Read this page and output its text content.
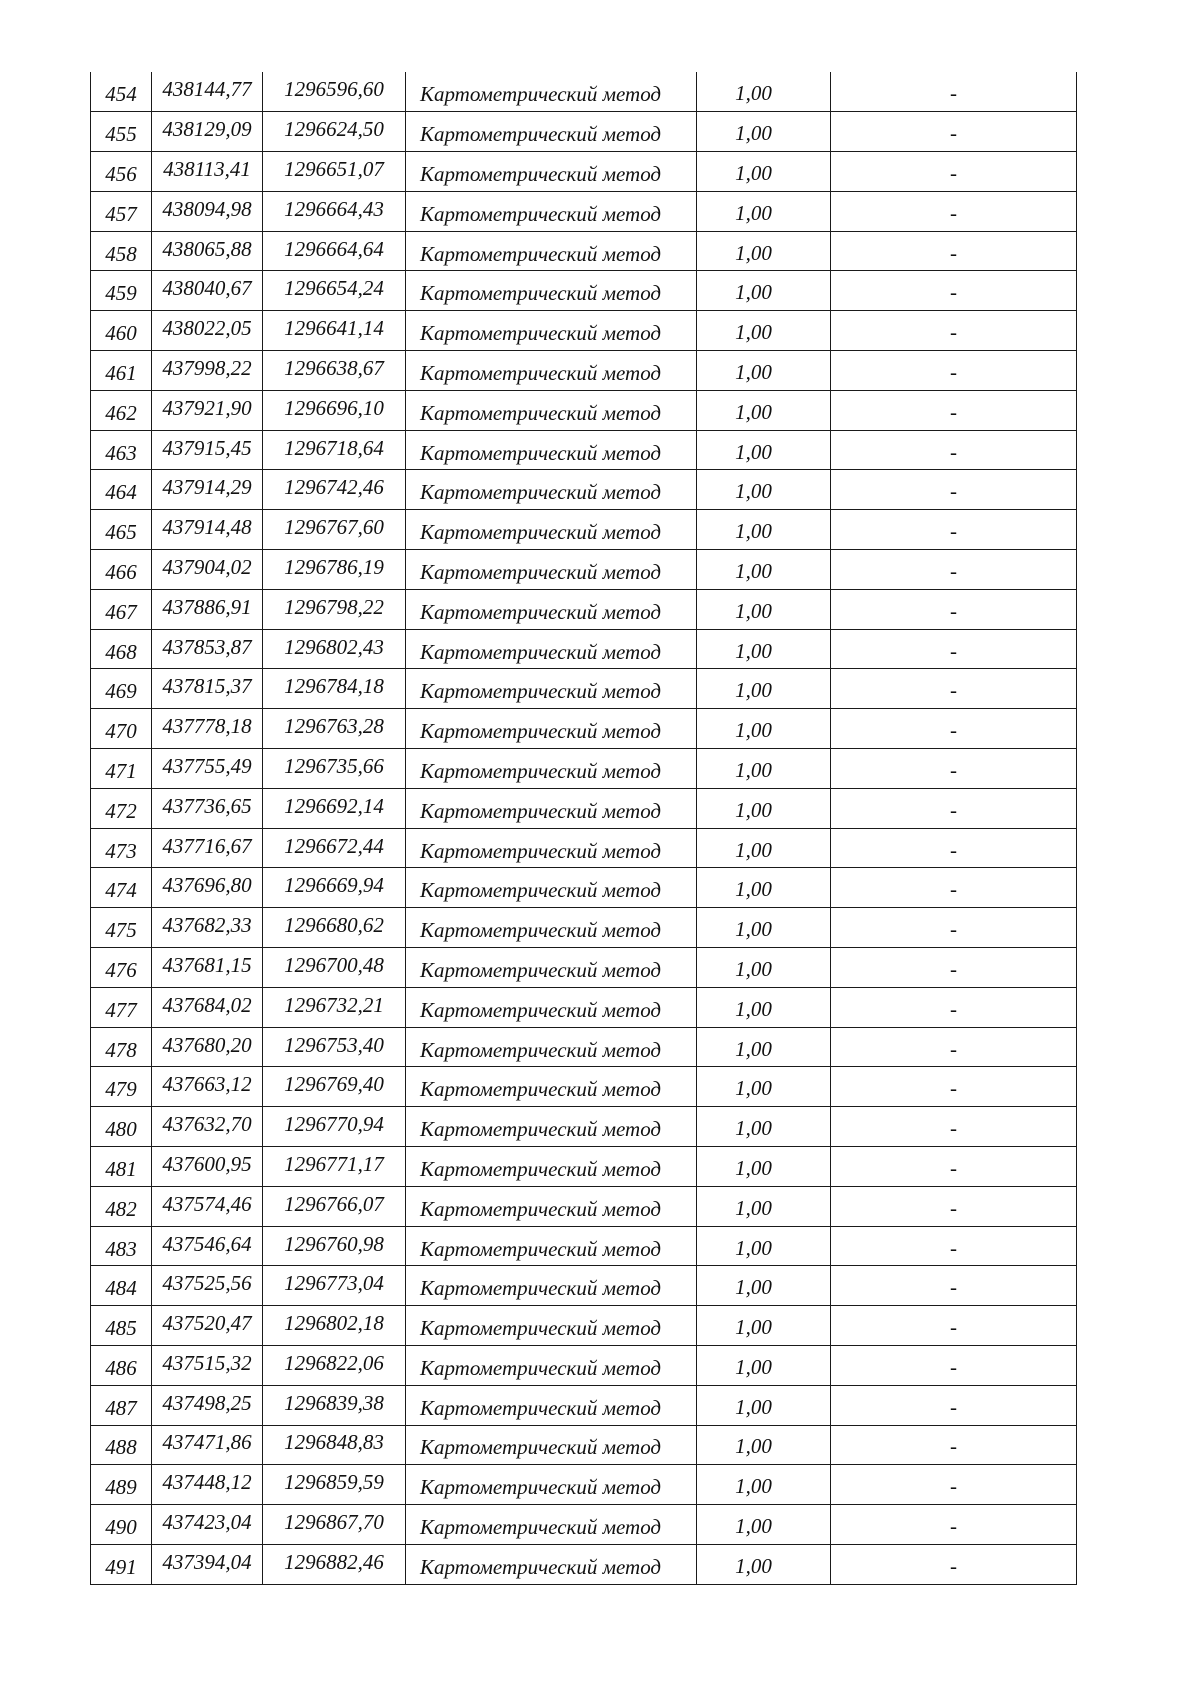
454	438144,77	1296596,60	Картометрический метод	1,00	-
455	438129,09	1296624,50	Картометрический метод	1,00	-
456	438113,41	1296651,07	Картометрический метод	1,00	-
457	438094,98	1296664,43	Картометрический метод	1,00	-
458	438065,88	1296664,64	Картометрический метод	1,00	-
459	438040,67	1296654,24	Картометрический метод	1,00	-
460	438022,05	1296641,14	Картометрический метод	1,00	-
461	437998,22	1296638,67	Картометрический метод	1,00	-
462	437921,90	1296696,10	Картометрический метод	1,00	-
463	437915,45	1296718,64	Картометрический метод	1,00	-
464	437914,29	1296742,46	Картометрический метод	1,00	-
465	437914,48	1296767,60	Картометрический метод	1,00	-
466	437904,02	1296786,19	Картометрический метод	1,00	-
467	437886,91	1296798,22	Картометрический метод	1,00	-
468	437853,87	1296802,43	Картометрический метод	1,00	-
469	437815,37	1296784,18	Картометрический метод	1,00	-
470	437778,18	1296763,28	Картометрический метод	1,00	-
471	437755,49	1296735,66	Картометрический метод	1,00	-
472	437736,65	1296692,14	Картометрический метод	1,00	-
473	437716,67	1296672,44	Картометрический метод	1,00	-
474	437696,80	1296669,94	Картометрический метод	1,00	-
475	437682,33	1296680,62	Картометрический метод	1,00	-
476	437681,15	1296700,48	Картометрический метод	1,00	-
477	437684,02	1296732,21	Картометрический метод	1,00	-
478	437680,20	1296753,40	Картометрический метод	1,00	-
479	437663,12	1296769,40	Картометрический метод	1,00	-
480	437632,70	1296770,94	Картометрический метод	1,00	-
481	437600,95	1296771,17	Картометрический метод	1,00	-
482	437574,46	1296766,07	Картометрический метод	1,00	-
483	437546,64	1296760,98	Картометрический метод	1,00	-
484	437525,56	1296773,04	Картометрический метод	1,00	-
485	437520,47	1296802,18	Картометрический метод	1,00	-
486	437515,32	1296822,06	Картометрический метод	1,00	-
487	437498,25	1296839,38	Картометрический метод	1,00	-
488	437471,86	1296848,83	Картометрический метод	1,00	-
489	437448,12	1296859,59	Картометрический метод	1,00	-
490	437423,04	1296867,70	Картометрический метод	1,00	-
491	437394,04	1296882,46	Картометрический метод	1,00	-
